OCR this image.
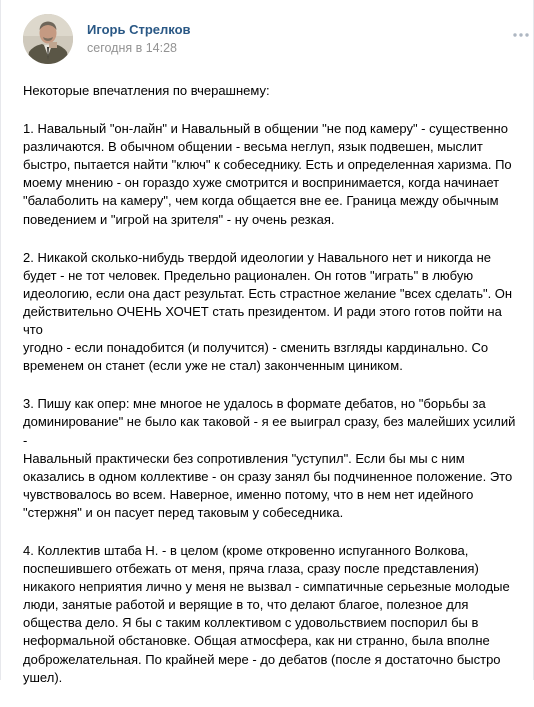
Игорь Стрелков
сегодня в 14:28

Некоторые впечатления по вчерашнему:

1. Навальный "он-лайн" и Навальный в общении "не под камеру" - существенно
различаются. В обычном общении - весьма неглуп, язык подвешен, мыслит
быстро, пытается найти "ключ" к собеседнику. Есть и определенная харизма. По
моему мнению - он гораздо хуже смотрится и воспринимается, когда начинает
"балаболить на камеру", чем когда общается вне ее. Граница между обычным
поведением и "игрой на зрителя" - ну очень резкая.

2. Никакой сколько-нибудь твердой идеологии у Навального нет и никогда не
будет - не тот человек. Предельно рационален. Он готов "играть" в любую
идеологию, если она даст результат. Есть страстное желание "всех сделать". Он
действительно ОЧЕНЬ ХОЧЕТ стать президентом. И ради этого готов пойти на что
угодно - если понадобится (и получится) - сменить взгляды кардинально. Со
временем он станет (если уже не стал) законченным циником.

3. Пишу как опер: мне многое не удалось в формате дебатов, но "борьбы за
доминирование" не было как таковой - я ее выиграл сразу, без малейших усилий -
Навальный практически без сопротивления "уступил". Если бы мы с ним
оказались в одном коллективе - он сразу занял бы подчиненное положение. Это
чувствовалось во всем. Наверное, именно потому, что в нем нет идейного
"стержня" и он пасует перед таковым у собеседника.

4. Коллектив штаба Н. - в целом (кроме откровенно испуганного Волкова,
поспешившего отбежать от меня, пряча глаза, сразу после представления)
никакого неприятия лично у меня не вызвал - симпатичные серьезные молодые
люди, занятые работой и верящие в то, что делают благое, полезное для
общества дело. Я бы с таким коллективом с удовольствием поспорил бы в
неформальной обстановке. Общая атмосфера, как ни странно, была вполне
доброжелательная. По крайней мере - до дебатов (после я достаточно быстро
ушел).
